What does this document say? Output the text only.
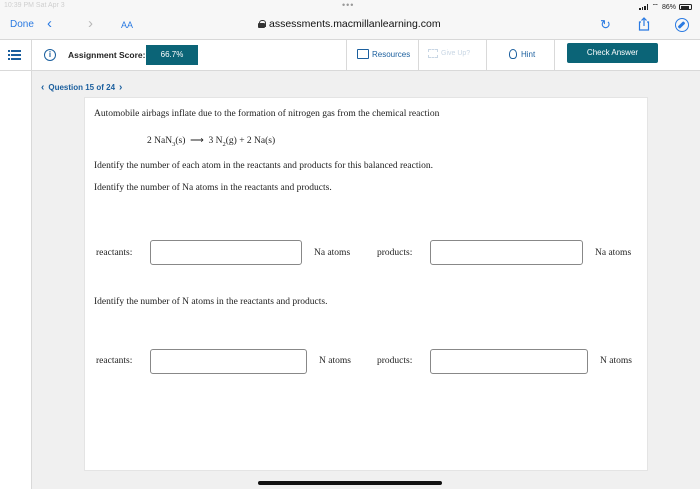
10:39 PM Sat Apr 3	•••	⌔ 86%
Done ‹ ›	AA	assessments.macmillanlearning.com	↻
i	Assignment Score:	66.7%	Resources	Give Up?	Hint	Check Answer
‹ Question 15 of 24 ›
Automobile airbags inflate due to the formation of nitrogen gas from the chemical reaction
2 NaN$_3$(s) ⟶ 3 $N_2(g) + 2$ Na(s)
Identify the number of each atom in the reactants and products for this balanced reaction.
Identify the number of Na atoms in the reactants and products.
reactants:	Na atoms	products:	Na atoms
Identify the number of N atoms in the reactants and products.
reactants:	N atoms	products:	N atoms
